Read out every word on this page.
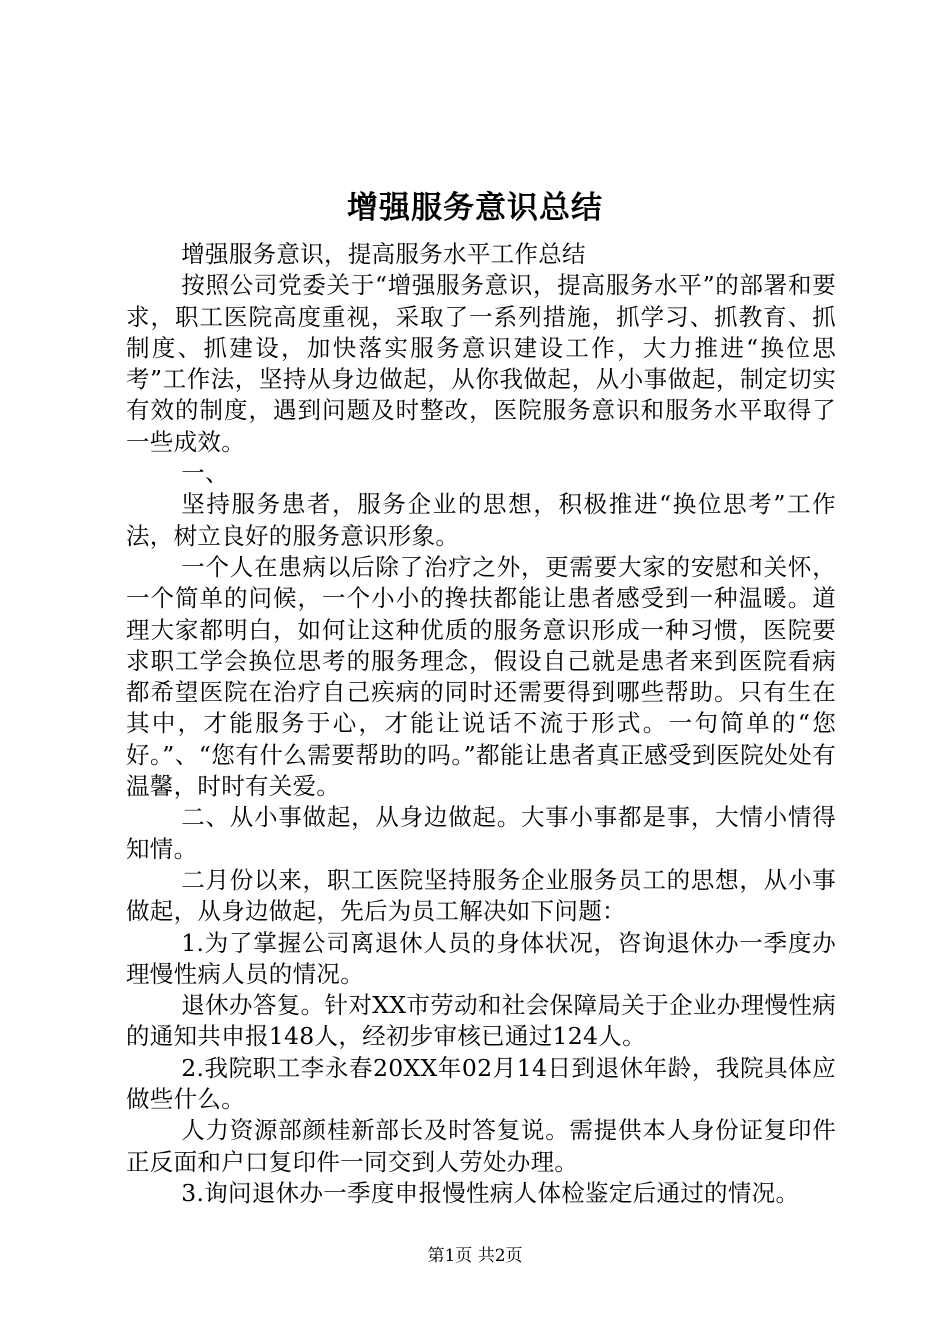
增强服务意识总结

增强服务意识，提高服务水平工作总结

按照公司党委关于“增强服务意识，提高服务水平”的部署和要求，职工医院高度重视，采取了一系列措施，抓学习、抓教育、抓制度、抓建设，加快落实服务意识建设工作，大力推进“换位思考”工作法，坚持从身边做起，从你我做起，从小事做起，制定切实有效的制度，遇到问题及时整改，医院服务意识和服务水平取得了一些成效。

一、

坚持服务患者，服务企业的思想，积极推进“换位思考”工作法，树立良好的服务意识形象。

一个人在患病以后除了治疗之外，更需要大家的安慰和关怀，一个简单的问候，一个小小的搀扶都能让患者感受到一种温暖。道理大家都明白，如何让这种优质的服务意识形成一种习惯，医院要求职工学会换位思考的服务理念，假设自己就是患者来到医院看病都希望医院在治疗自己疾病的同时还需要得到哪些帮助。只有生在其中，才能服务于心，才能让说话不流于形式。一句简单的“您好。”、“您有什么需要帮助的吗。”都能让患者真正感受到医院处处有温馨，时时有关爱。

二、从小事做起，从身边做起。大事小事都是事，大情小情得知情。

二月份以来，职工医院坚持服务企业服务员工的思想，从小事做起，从身边做起，先后为员工解决如下问题：

1.为了掌握公司离退休人员的身体状况，咨询退休办一季度办理慢性病人员的情况。

退休办答复。针对XX市劳动和社会保障局关于企业办理慢性病的通知共申报148人，经初步审核已通过124人。

2.我院职工李永春20XX年02月14日到退休年龄，我院具体应做些什么。

人力资源部颜桂新部长及时答复说。需提供本人身份证复印件正反面和户口复印件一同交到人劳处办理。

3.询问退休办一季度申报慢性病人体检鉴定后通过的情况。

第1页 共2页
